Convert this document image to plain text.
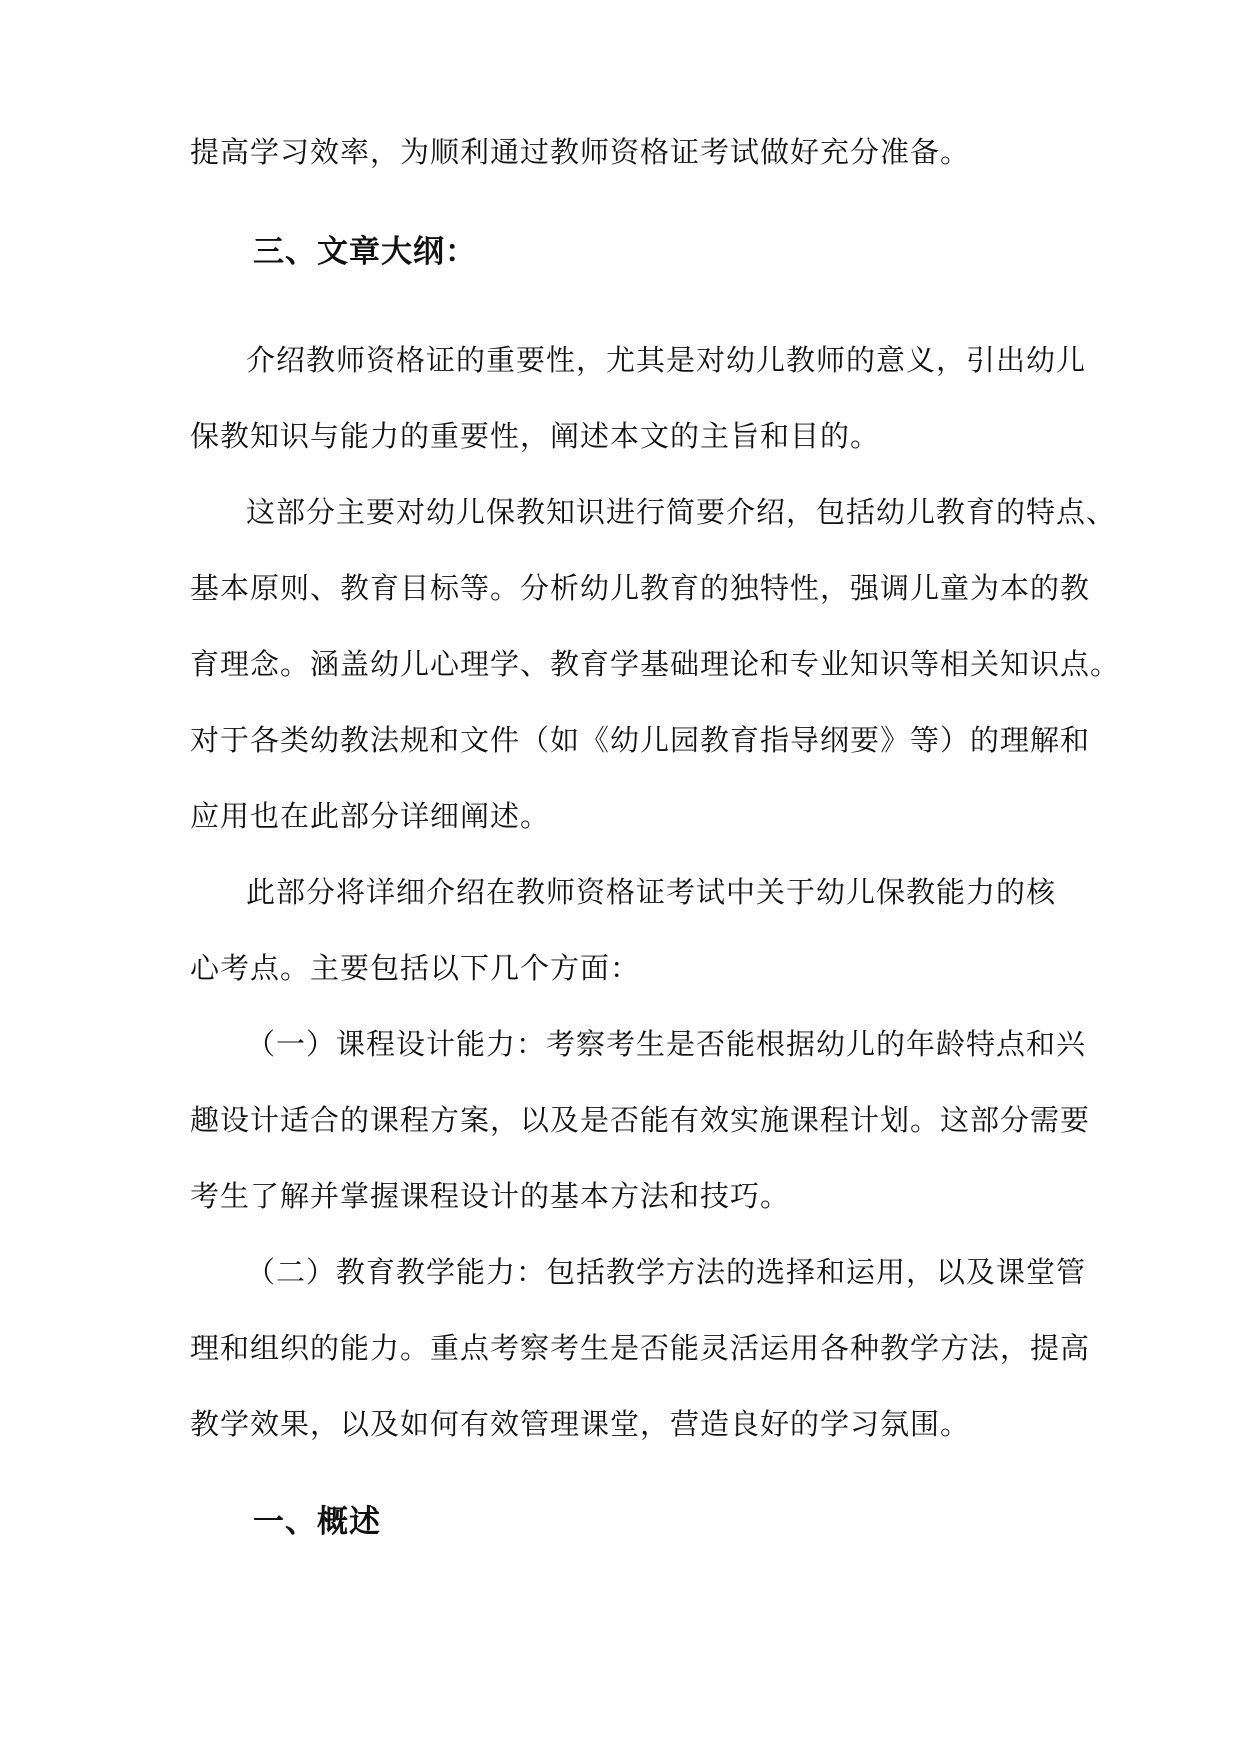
提高学习效率，为顺利通过教师资格证考试做好充分准备。
三、文章大纲：
介绍教师资格证的重要性，尤其是对幼儿教师的意义，引出幼儿
保教知识与能力的重要性，阐述本文的主旨和目的。
这部分主要对幼儿保教知识进行简要介绍，包括幼儿教育的特点、
基本原则、教育目标等。分析幼儿教育的独特性，强调儿童为本的教
育理念。涵盖幼儿心理学、教育学基础理论和专业知识等相关知识点。
对于各类幼教法规和文件（如《幼儿园教育指导纲要》等）的理解和
应用也在此部分详细阐述。
此部分将详细介绍在教师资格证考试中关于幼儿保教能力的核
心考点。主要包括以下几个方面：
（一）课程设计能力：考察考生是否能根据幼儿的年龄特点和兴
趣设计适合的课程方案，以及是否能有效实施课程计划。这部分需要
考生了解并掌握课程设计的基本方法和技巧。
（二）教育教学能力：包括教学方法的选择和运用，以及课堂管
理和组织的能力。重点考察考生是否能灵活运用各种教学方法，提高
教学效果，以及如何有效管理课堂，营造良好的学习氛围。
一、概述
